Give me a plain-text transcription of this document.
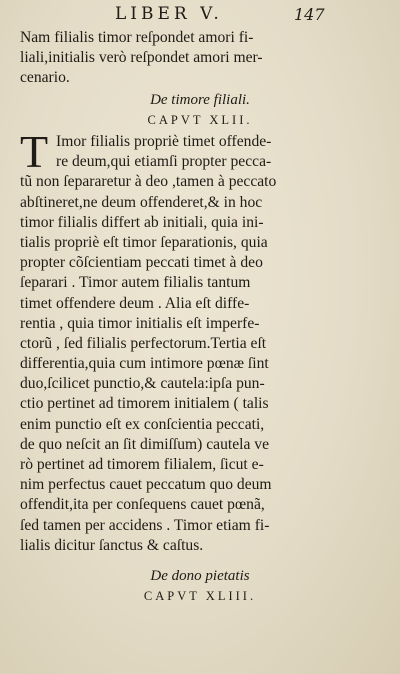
LIBER V.	147
Nam filialis timor reſpondet amori fi-
liali,initialis verò reſpondet amori mer-
cenario.
De timore filiali.
CAPVT XLII.
T Imor filialis propriè timet offende-
re deum,qui etiamſi propter pecca-
tũ non ſepararetur à deo ,tamen à peccato
abſtineret,ne deum offenderet,& in hoc
timor filialis differt ab initiali, quia ini-
tialis propriè eſt timor ſeparationis, quia
propter cõſcientiam peccati timet à deo
ſeparari . Timor autem filialis tantum
timet offendere deum . Alia eſt diffe-
rentia , quia timor initialis eſt imperfe-
ctorũ , ſed filialis perfectorum.Tertia eſt
differentia,quia cum intimore pœnæ ſint
duo,ſcilicet punctio,& cautela:ipſa pun-
ctio pertinet ad timorem initialem ( talis
enim punctio eſt ex conſcientia peccati,
de quo neſcit an ſit dimiſſum) cautela ve
rò pertinet ad timorem filialem, ſicut e-
nim perfectus cauet peccatum quo deum
offendit,ita per conſequens cauet pœnã,
ſed tamen per accidens . Timor etiam fi-
lialis dicitur ſanctus & caſtus.
De dono pietatis
CAPVT XLIII.
